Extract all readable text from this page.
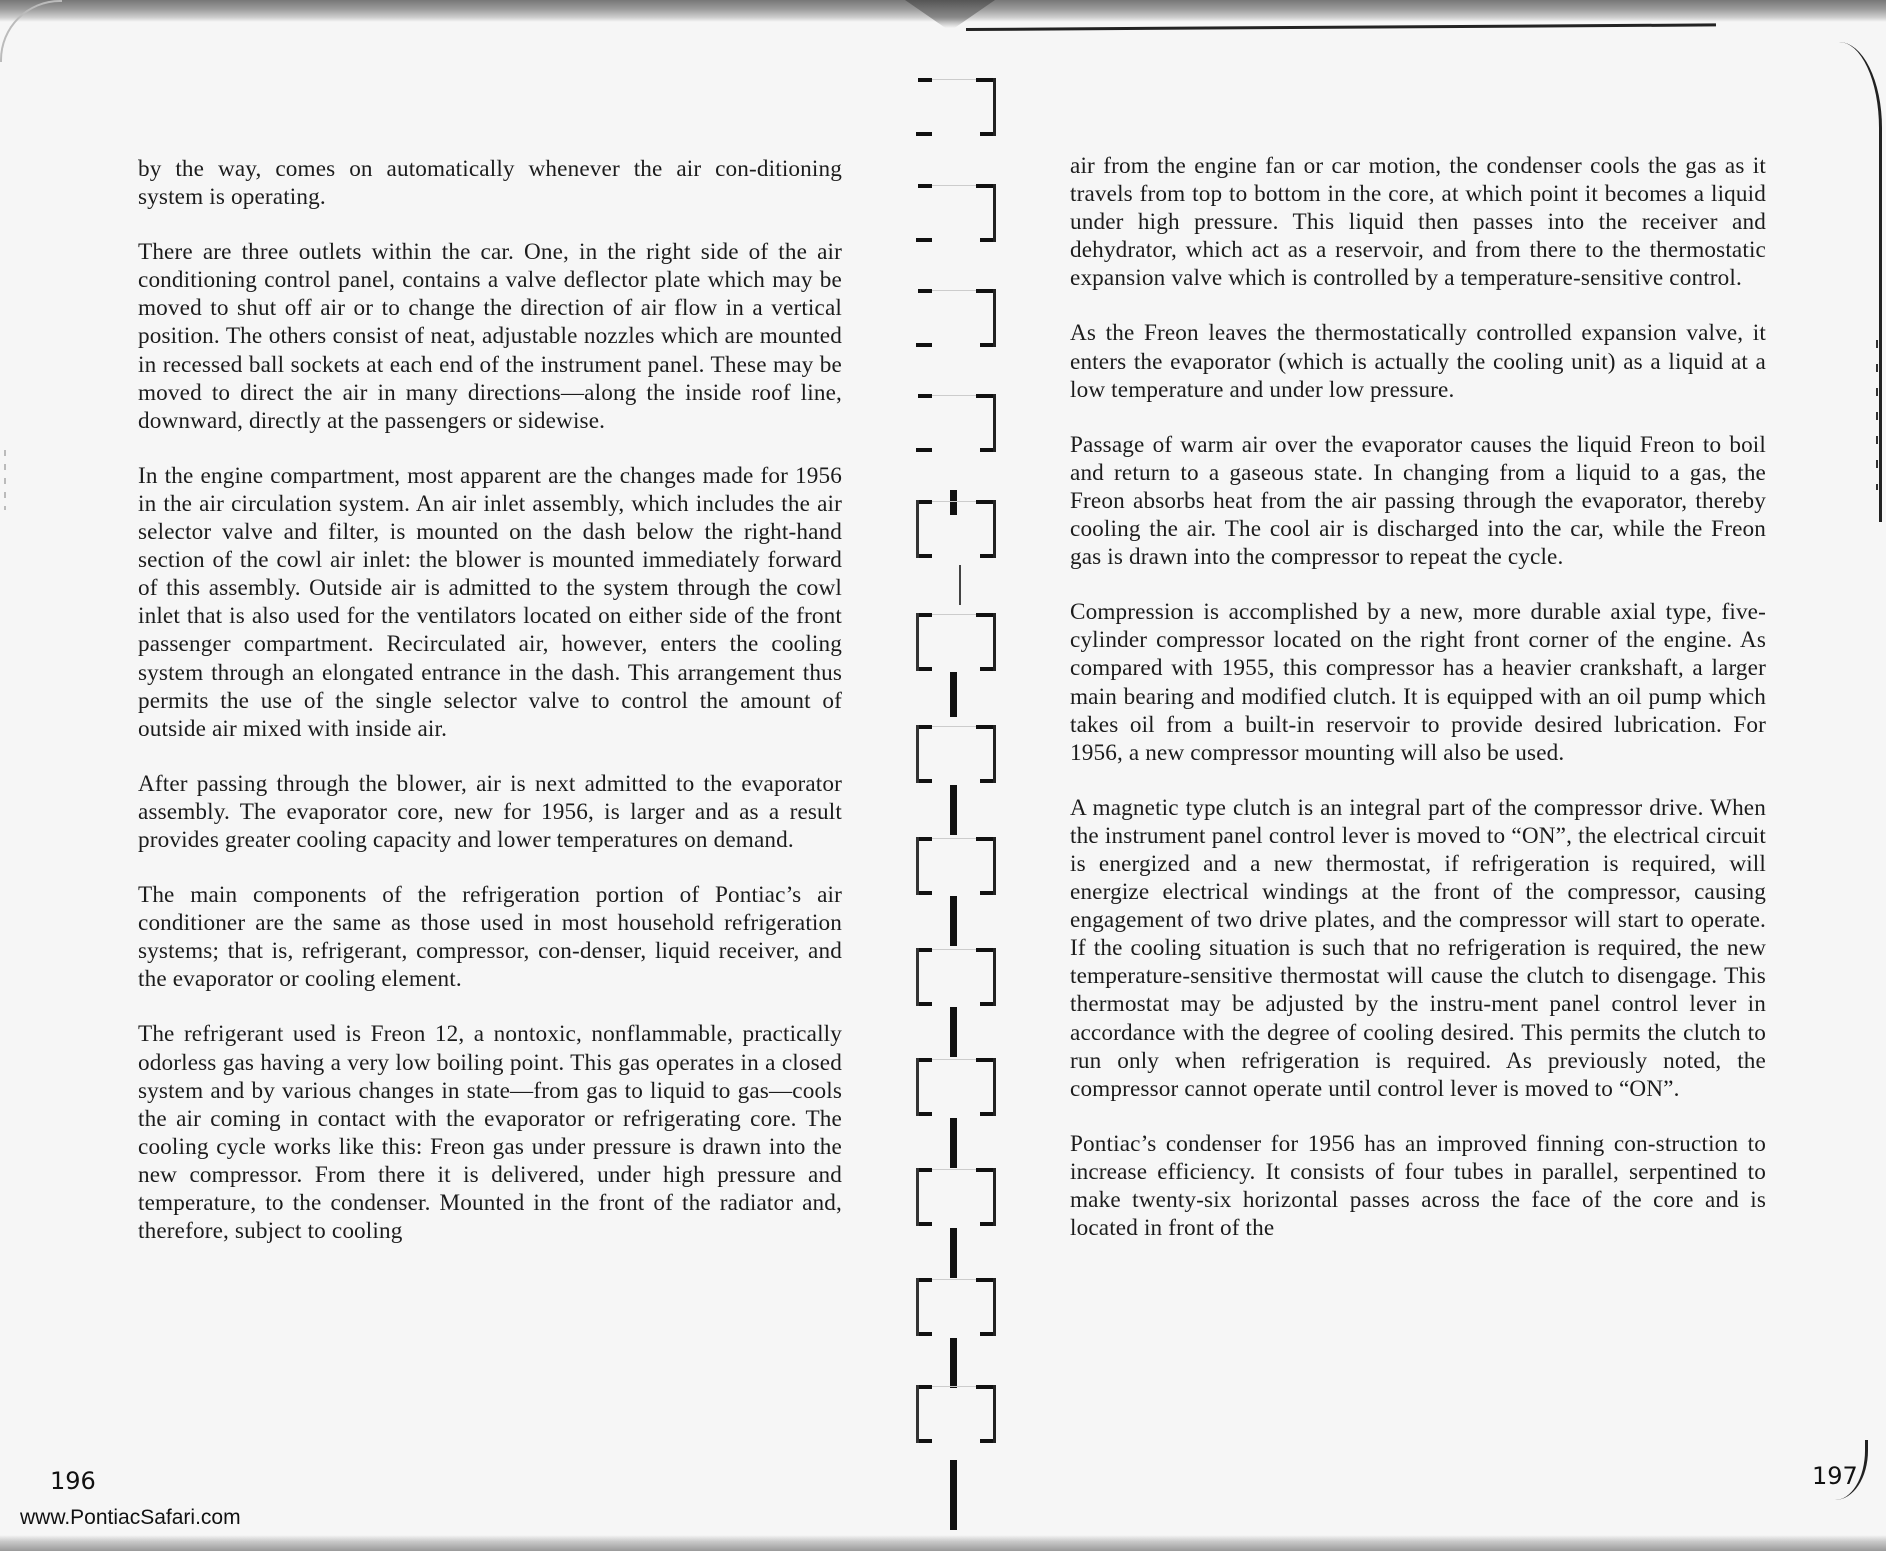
by the way, comes on automatically whenever the air con-ditioning system is operating.

There are three outlets within the car. One, in the right side of the air conditioning control panel, contains a valve deflector plate which may be moved to shut off air or to change the direction of air flow in a vertical position. The others consist of neat, adjustable nozzles which are mounted in recessed ball sockets at each end of the instrument panel. These may be moved to direct the air in many directions—along the inside roof line, downward, directly at the passengers or sidewise.

In the engine compartment, most apparent are the changes made for 1956 in the air circulation system. An air inlet assembly, which includes the air selector valve and filter, is mounted on the dash below the right-hand section of the cowl air inlet: the blower is mounted immediately forward of this assembly. Outside air is admitted to the system through the cowl inlet that is also used for the ventilators located on either side of the front passenger compartment. Recirculated air, however, enters the cooling system through an elongated entrance in the dash. This arrangement thus permits the use of the single selector valve to control the amount of outside air mixed with inside air.

After passing through the blower, air is next admitted to the evaporator assembly. The evaporator core, new for 1956, is larger and as a result provides greater cooling capacity and lower temperatures on demand.

The main components of the refrigeration portion of Pontiac’s air conditioner are the same as those used in most household refrigeration systems; that is, refrigerant, compressor, con-denser, liquid receiver, and the evaporator or cooling element.

The refrigerant used is Freon 12, a nontoxic, nonflammable, practically odorless gas having a very low boiling point. This gas operates in a closed system and by various changes in state—from gas to liquid to gas—cools the air coming in contact with the evaporator or refrigerating core. The cooling cycle works like this: Freon gas under pressure is drawn into the new compressor. From there it is delivered, under high pressure and temperature, to the condenser. Mounted in the front of the radiator and, therefore, subject to cooling

air from the engine fan or car motion, the condenser cools the gas as it travels from top to bottom in the core, at which point it becomes a liquid under high pressure. This liquid then passes into the receiver and dehydrator, which act as a reservoir, and from there to the thermostatic expansion valve which is controlled by a temperature-sensitive control.

As the Freon leaves the thermostatically controlled expansion valve, it enters the evaporator (which is actually the cooling unit) as a liquid at a low temperature and under low pressure.

Passage of warm air over the evaporator causes the liquid Freon to boil and return to a gaseous state. In changing from a liquid to a gas, the Freon absorbs heat from the air passing through the evaporator, thereby cooling the air. The cool air is discharged into the car, while the Freon gas is drawn into the compressor to repeat the cycle.

Compression is accomplished by a new, more durable axial type, five-cylinder compressor located on the right front corner of the engine. As compared with 1955, this compressor has a heavier crankshaft, a larger main bearing and modified clutch. It is equipped with an oil pump which takes oil from a built-in reservoir to provide desired lubrication. For 1956, a new compressor mounting will also be used.

A magnetic type clutch is an integral part of the compressor drive. When the instrument panel control lever is moved to “ON”, the electrical circuit is energized and a new thermostat, if refrigeration is required, will energize electrical windings at the front of the compressor, causing engagement of two drive plates, and the compressor will start to operate. If the cooling situation is such that no refrigeration is required, the new temperature-sensitive thermostat will cause the clutch to disengage. This thermostat may be adjusted by the instru-ment panel control lever in accordance with the degree of cooling desired. This permits the clutch to run only when refrigeration is required. As previously noted, the compressor cannot operate until control lever is moved to “ON”.

Pontiac’s condenser for 1956 has an improved finning con-struction to increase efficiency. It consists of four tubes in parallel, serpentined to make twenty-six horizontal passes across the face of the core and is located in front of the

196	197
www.PontiacSafari.com
